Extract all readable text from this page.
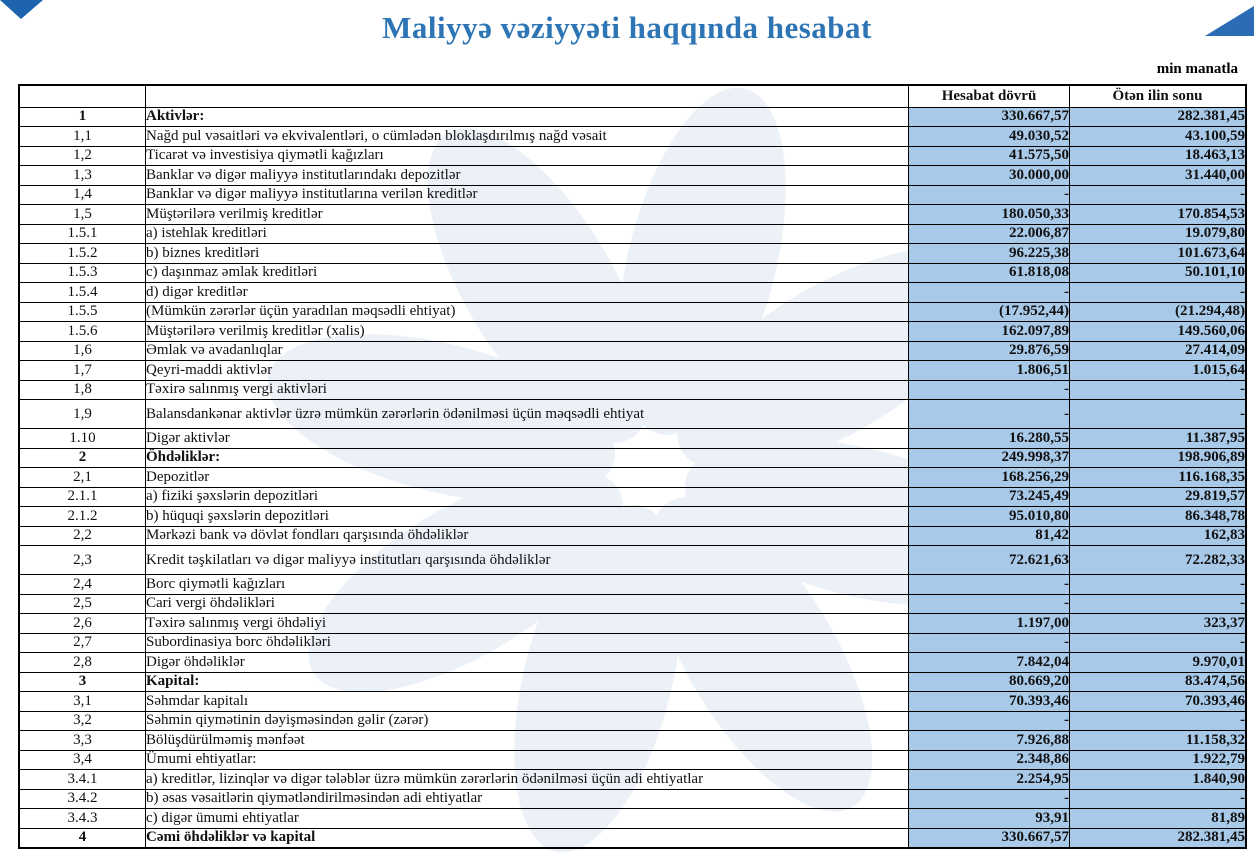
Maliyyə vəziyyəti haqqında hesabat
min manatla
		Hesabat dövrü	Ötən ilin sonu
1	Aktivlər:	330.667,57	282.381,45
1,1	Nağd pul vəsaitləri və ekvivalentləri, o cümlədən bloklaşdırılmış nağd vəsait	49.030,52	43.100,59
1,2	Ticarət və investisiya qiymətli kağızları	41.575,50	18.463,13
1,3	Banklar və digər maliyyə institutlarındakı depozitlər	30.000,00	31.440,00
1,4	Banklar və digər maliyyə institutlarına verilən kreditlər	-	-
1,5	Müştərilərə verilmiş kreditlər	180.050,33	170.854,53
1.5.1	a) istehlak kreditləri	22.006,87	19.079,80
1.5.2	b) biznes kreditləri	96.225,38	101.673,64
1.5.3	c) daşınmaz əmlak kreditləri	61.818,08	50.101,10
1.5.4	d) digər kreditlər	-	-
1.5.5	(Mümkün zərərlər üçün yaradılan məqsədli ehtiyat)	(17.952,44)	(21.294,48)
1.5.6	Müştərilərə verilmiş kreditlər (xalis)	162.097,89	149.560,06
1,6	Əmlak və avadanlıqlar	29.876,59	27.414,09
1,7	Qeyri-maddi aktivlər	1.806,51	1.015,64
1,8	Təxirə salınmış vergi aktivləri	-	-
1,9	Balansdankənar aktivlər üzrə mümkün zərərlərin ödənilməsi üçün məqsədli ehtiyat	-	-
1.10	Digər aktivlər	16.280,55	11.387,95
2	Öhdəliklər:	249.998,37	198.906,89
2,1	Depozitlər	168.256,29	116.168,35
2.1.1	a) fiziki şəxslərin depozitləri	73.245,49	29.819,57
2.1.2	b) hüquqi şəxslərin depozitləri	95.010,80	86.348,78
2,2	Mərkəzi bank və dövlət fondları qarşısında öhdəliklər	81,42	162,83
2,3	Kredit təşkilatları və digər maliyyə institutları qarşısında öhdəliklər	72.621,63	72.282,33
2,4	Borc qiymətli kağızları	-	-
2,5	Cari vergi öhdəlikləri	-	-
2,6	Təxirə salınmış vergi öhdəliyi	1.197,00	323,37
2,7	Subordinasiya borc öhdəlikləri	-	-
2,8	Digər öhdəliklər	7.842,04	9.970,01
3	Kapital:	80.669,20	83.474,56
3,1	Səhmdar kapitalı	70.393,46	70.393,46
3,2	Səhmin qiymətinin dəyişməsindən gəlir (zərər)	-	-
3,3	Bölüşdürülməmiş mənfəət	7.926,88	11.158,32
3,4	Ümumi ehtiyatlar:	2.348,86	1.922,79
3.4.1	a) kreditlər, lizinqlər və digər tələblər üzrə mümkün zərərlərin ödənilməsi üçün adi ehtiyatlar	2.254,95	1.840,90
3.4.2	b) əsas vəsaitlərin qiymətləndirilməsindən adi ehtiyatlar	-	-
3.4.3	c) digər ümumi ehtiyatlar	93,91	81,89
4	Cəmi öhdəliklər və kapital	330.667,57	282.381,45
